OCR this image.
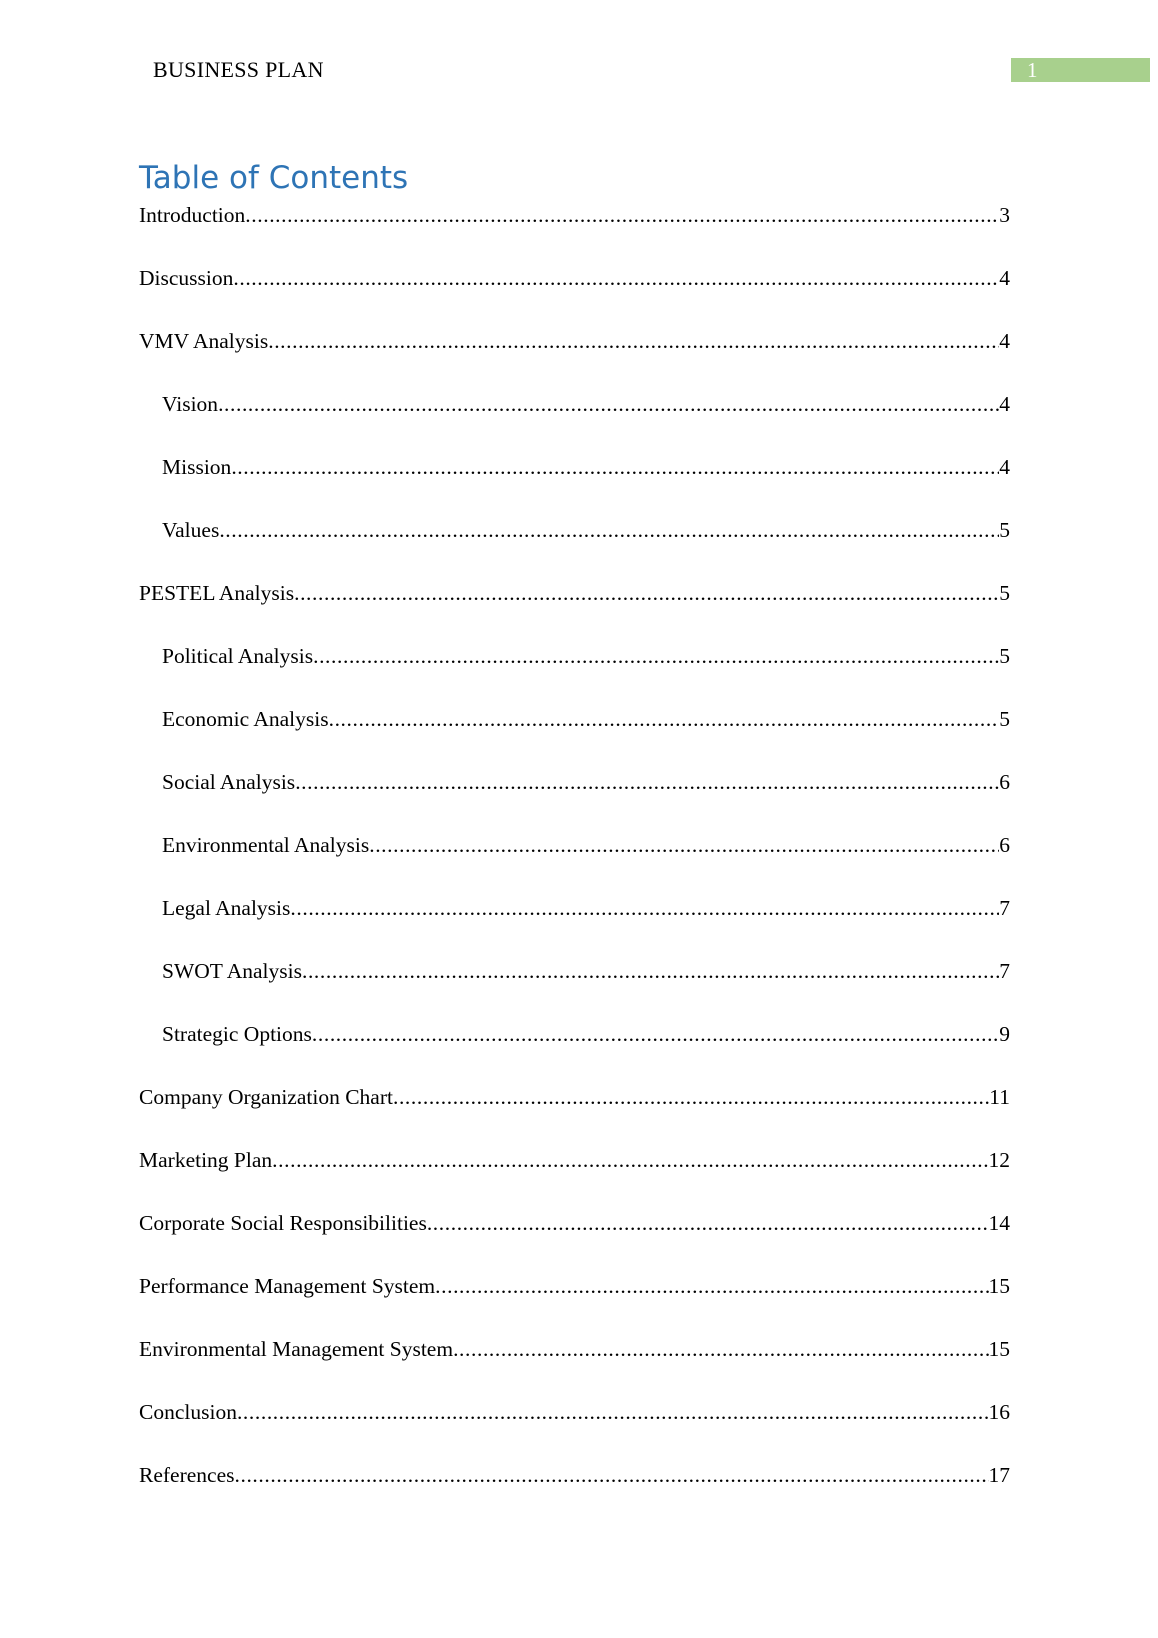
BUSINESS PLAN	1
Table of Contents
Introduction .....	3
Discussion .....	4
VMV Analysis .....	4
Vision .....	4
Mission .....	4
Values .....	5
PESTEL Analysis .....	5
Political Analysis .....	5
Economic Analysis .....	5
Social Analysis .....	6
Environmental Analysis .....	6
Legal Analysis .....	7
SWOT Analysis .....	7
Strategic Options .....	9
Company Organization Chart .....	11
Marketing Plan .....	12
Corporate Social Responsibilities .....	14
Performance Management System .....	15
Environmental Management System .....	15
Conclusion .....	16
References .....	17
